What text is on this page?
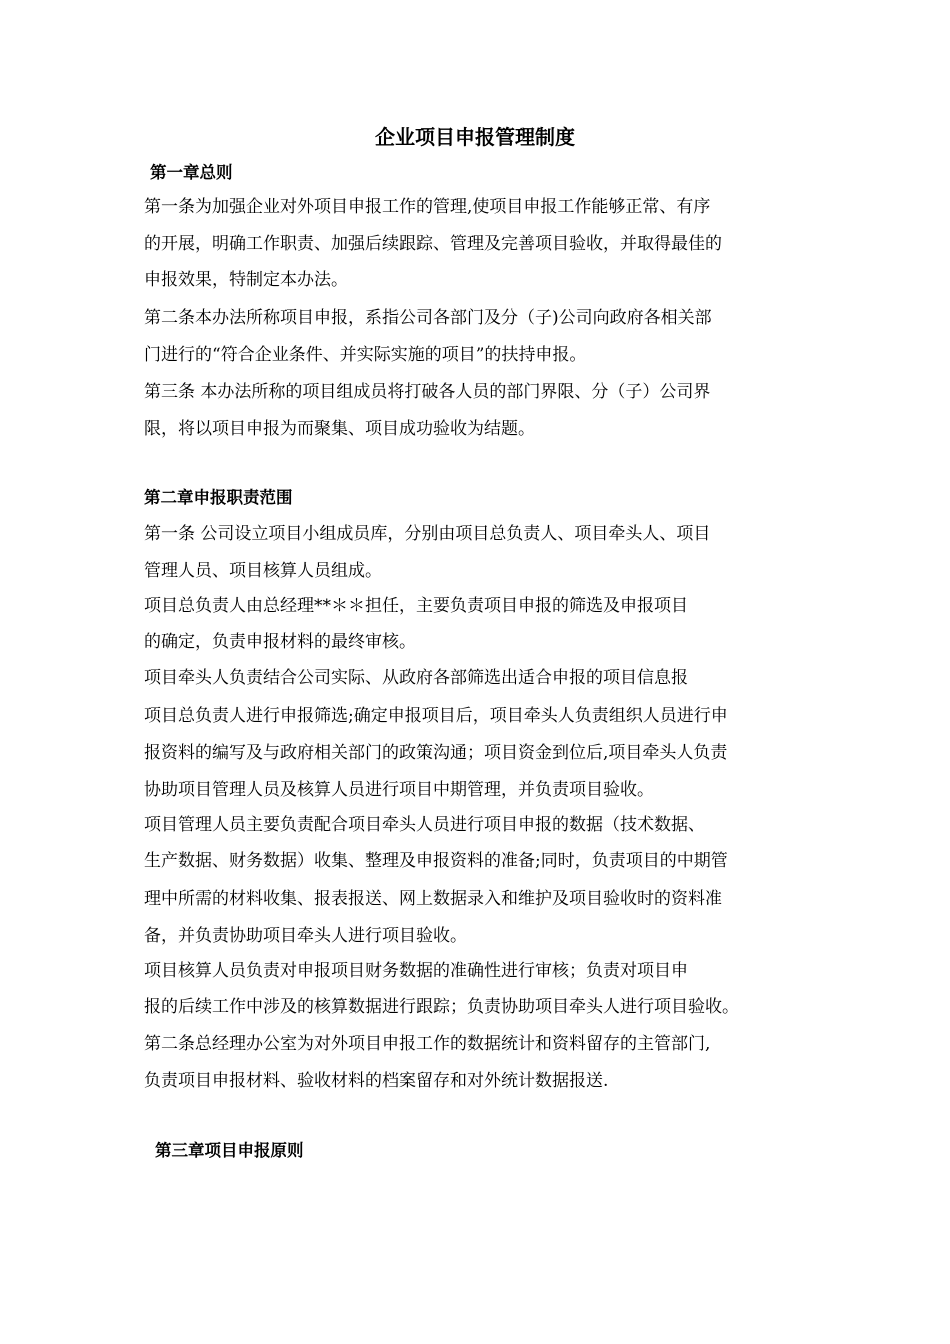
企业项目申报管理制度
第一章总则
第一条为加强企业对外项目申报工作的管理,使项目申报工作能够正常、有序
的开展，明确工作职责、加强后续跟踪、管理及完善项目验收，并取得最佳的
申报效果，特制定本办法。
第二条本办法所称项目申报，系指公司各部门及分（子)公司向政府各相关部
门进行的“符合企业条件、并实际实施的项目”的扶持申报。
第三条 本办法所称的项目组成员将打破各人员的部门界限、分（子）公司界
限，将以项目申报为而聚集、项目成功验收为结题。
第二章申报职责范围
第一条 公司设立项目小组成员库，分别由项目总负责人、项目牵头人、项目
管理人员、项目核算人员组成。
项目总负责人由总经理**＊＊担任，主要负责项目申报的筛选及申报项目
的确定，负责申报材料的最终审核。
项目牵头人负责结合公司实际、从政府各部筛选出适合申报的项目信息报
项目总负责人进行申报筛选;确定申报项目后，项目牵头人负责组织人员进行申
报资料的编写及与政府相关部门的政策沟通；项目资金到位后,项目牵头人负责
协助项目管理人员及核算人员进行项目中期管理，并负责项目验收。
项目管理人员主要负责配合项目牵头人员进行项目申报的数据（技术数据、
生产数据、财务数据）收集、整理及申报资料的准备;同时，负责项目的中期管
理中所需的材料收集、报表报送、网上数据录入和维护及项目验收时的资料准
备，并负责协助项目牵头人进行项目验收。
项目核算人员负责对申报项目财务数据的准确性进行审核；负责对项目申
报的后续工作中涉及的核算数据进行跟踪；负责协助项目牵头人进行项目验收。
第二条总经理办公室为对外项目申报工作的数据统计和资料留存的主管部门,
负责项目申报材料、验收材料的档案留存和对外统计数据报送.
第三章项目申报原则
